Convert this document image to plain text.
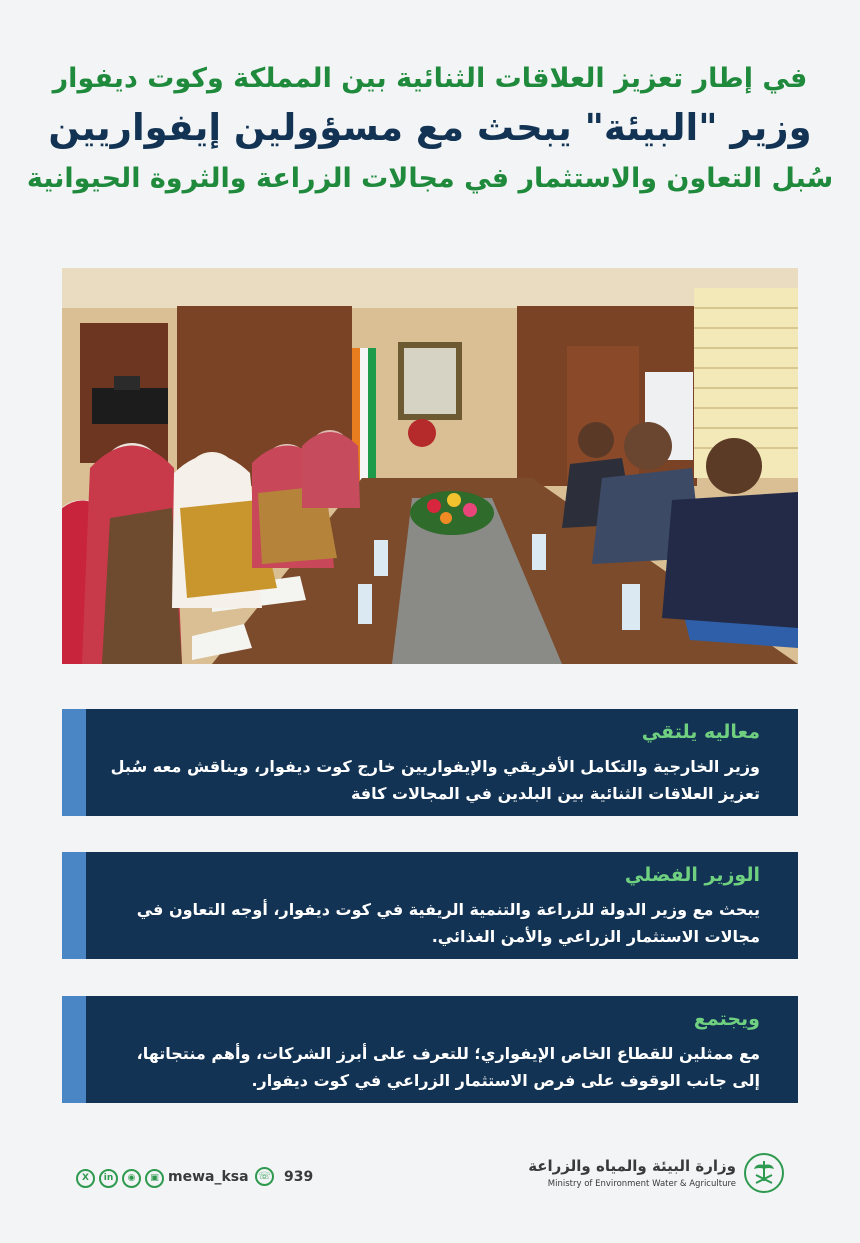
في إطار تعزيز العلاقات الثنائية بين المملكة وكوت ديفوار
وزير "البيئة" يبحث مع مسؤولين إيفواريين
سُبل التعاون والاستثمار في مجالات الزراعة والثروة الحيوانية
معاليه يلتقي
وزير الخارجية والتكامل الأفريقي والإيفواريين خارج كوت ديفوار، ويناقش معه سُبل تعزيز العلاقات الثنائية بين البلدين في المجالات كافة
الوزير الفضلي
يبحث مع وزير الدولة للزراعة والتنمية الريفية في كوت ديفوار، أوجه التعاون في مجالات الاستثمار الزراعي والأمن الغذائي.
ويجتمع
مع ممثلين للقطاع الخاص الإيفواري؛ للتعرف على أبرز الشركات، وأهم منتجاتها، إلى جانب الوقوف على فرص الاستثمار الزراعي في كوت ديفوار.
X	in	◉	▣ mewa_ksa ☏ 939
وزارة البيئة والمياه والزراعة
Ministry of Environment Water & Agriculture
